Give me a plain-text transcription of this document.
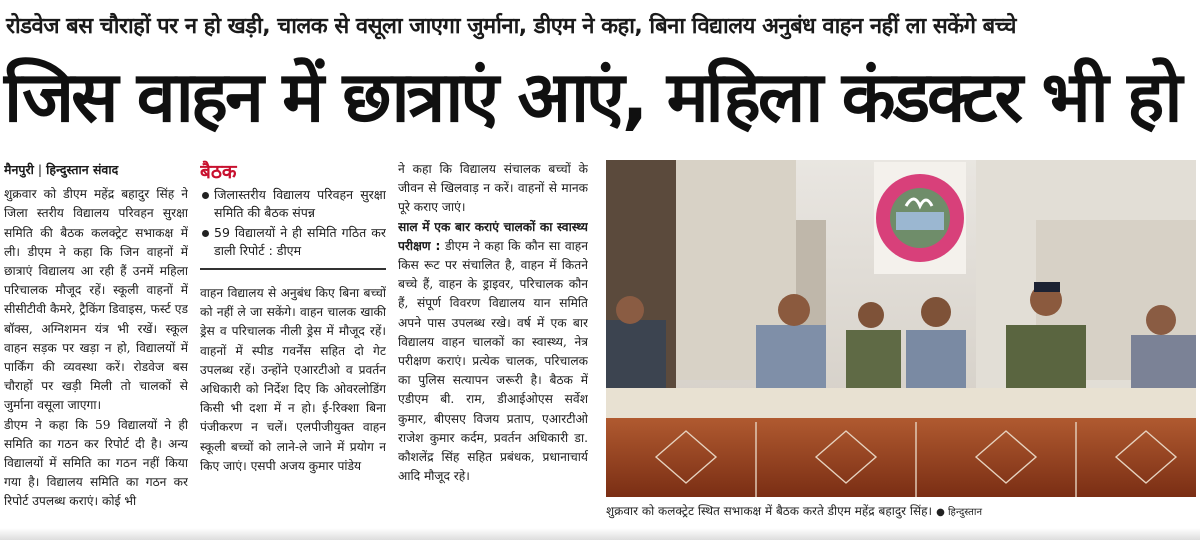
रोडवेज बस चौराहों पर न हो खड़ी, चालक से वसूला जाएगा जुर्माना, डीएम ने कहा, बिना विद्यालय अनुबंध वाहन नहीं ला सकेंगे बच्चे
जिस वाहन में छात्राएं आएं, महिला कंडक्टर भी हो
मैनपुरी | हिन्दुस्तान संवाद
शुक्रवार को डीएम महेंद्र बहादुर सिंह ने जिला स्तरीय विद्यालय परिवहन सुरक्षा समिति की बैठक कलक्ट्रेट सभाकक्ष में ली। डीएम ने कहा कि जिन वाहनों में छात्राएं विद्यालय आ रही हैं उनमें महिला परिचालक मौजूद रहें। स्कूली वाहनों में सीसीटीवी कैमरे, ट्रैकिंग डिवाइस, फर्स्ट एड बॉक्स, अग्निशमन यंत्र भी रखें। स्कूल वाहन सड़क पर खड़ा न हो, विद्यालयों में पार्किंग की व्यवस्था करें। रोडवेज बस चौराहों पर खड़ी मिली तो चालकों से जुर्माना वसूला जाएगा।
डीएम ने कहा कि 59 विद्यालयों ने ही समिति का गठन कर रिपोर्ट दी है। अन्य विद्यालयों में समिति का गठन नहीं किया गया है। विद्यालय समिति का गठन कर रिपोर्ट उपलब्ध कराएं। कोई भी
बैठक
जिलास्तरीय विद्यालय परिवहन सुरक्षा समिति की बैठक संपन्न
59 विद्यालयों ने ही समिति गठित कर डाली रिपोर्ट : डीएम
वाहन विद्यालय से अनुबंध किए बिना बच्चों को नहीं ले जा सकेंगे। वाहन चालक खाकी ड्रेस व परिचालक नीली ड्रेस में मौजूद रहें। वाहनों में स्पीड गवर्नेंस सहित दो गेट उपलब्ध रहें। उन्होंने एआरटीओ व प्रवर्तन अधिकारी को निर्देश दिए कि ओवरलोडिंग किसी भी दशा में न हो। ई-रिक्शा बिना पंजीकरण न चलें। एलपीजीयुक्त वाहन स्कूली बच्चों को लाने-ले जाने में प्रयोग न किए जाएं। एसपी अजय कुमार पांडेय
ने कहा कि विद्यालय संचालक बच्चों के जीवन से खिलवाड़ न करें। वाहनों से मानक पूरे कराए जाएं।
साल में एक बार कराएं चालकों का स्वास्थ्य परीक्षण : डीएम ने कहा कि कौन सा वाहन किस रूट पर संचालित है, वाहन में कितने बच्चे हैं, वाहन के ड्राइवर, परिचालक कौन हैं, संपूर्ण विवरण विद्यालय यान समिति अपने पास उपलब्ध रखे। वर्ष में एक बार विद्यालय वाहन चालकों का स्वास्थ्य, नेत्र परीक्षण कराएं। प्रत्येक चालक, परिचालक का पुलिस सत्यापन जरूरी है। बैठक में एडीएम बी. राम, डीआईओएस सर्वेश कुमार, बीएसए विजय प्रताप, एआरटीओ राजेश कुमार कर्दम, प्रवर्तन अधिकारी डा. कौशलेंद्र सिंह सहित प्रबंधक, प्रधानाचार्य आदि मौजूद रहे।
शुक्रवार को कलक्ट्रेट स्थित सभाकक्ष में बैठक करते डीएम महेंद्र बहादुर सिंह। ● हिन्दुस्तान
